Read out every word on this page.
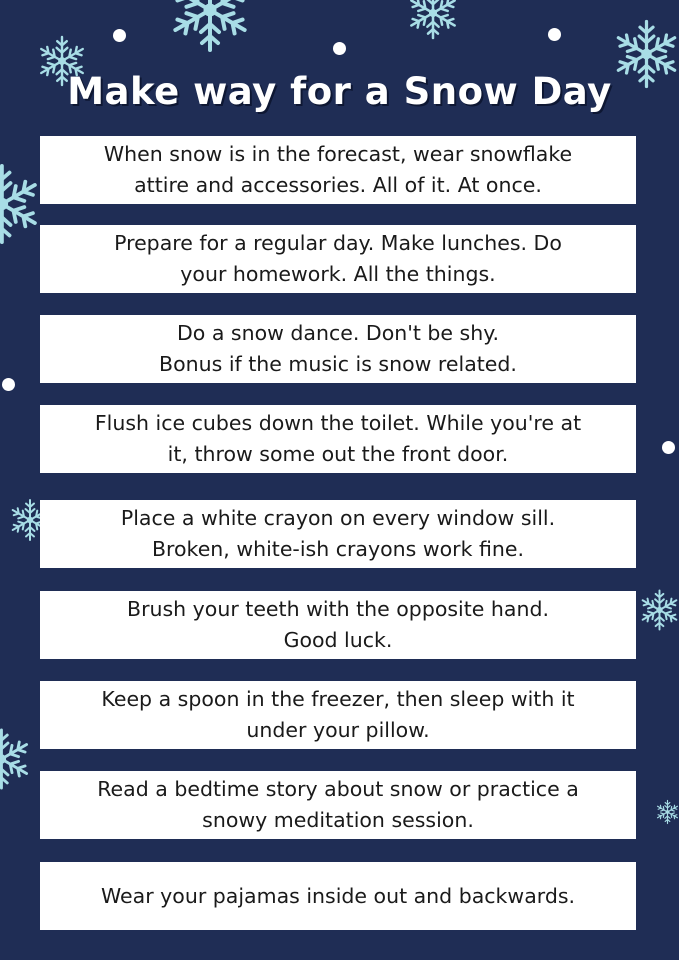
Make way for a Snow Day
When snow is in the forecast, wear snowflake
attire and accessories. All of it. At once.
Prepare for a regular day. Make lunches. Do
your homework. All the things.
Do a snow dance. Don't be shy.
Bonus if the music is snow related.
Flush ice cubes down the toilet. While you're at
it, throw some out the front door.
Place a white crayon on every window sill.
Broken, white-ish crayons work fine.
Brush your teeth with the opposite hand.
Good luck.
Keep a spoon in the freezer, then sleep with it
under your pillow.
Read a bedtime story about snow or practice a
snowy meditation session.
Wear your pajamas inside out and backwards.
